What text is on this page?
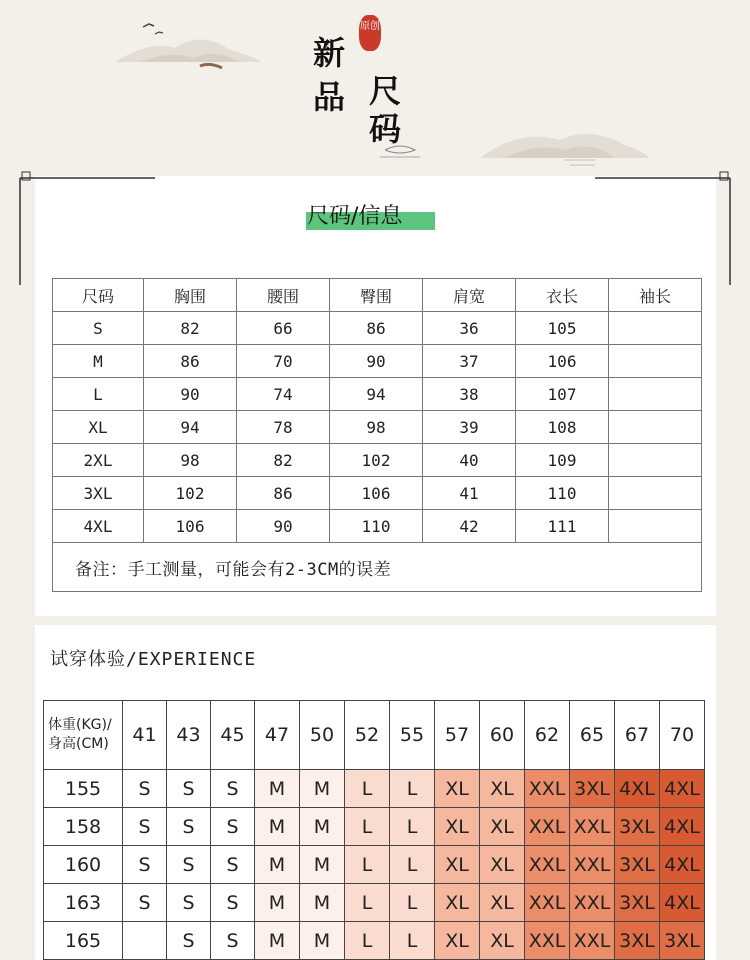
新
品 尺
码
原创
尺码/信息
尺码	胸围	腰围	臀围	肩宽	衣长	袖长
S	82	66	86	36	105	
M	86	70	90	37	106	
L	90	74	94	38	107	
XL	94	78	98	39	108	
2XL	98	82	102	40	109	
3XL	102	86	106	41	110	
4XL	106	90	110	42	111	
备注：手工测量，可能会有2-3CM的误差						
试穿体验/EXPERIENCE
体重(KG)/
身高(CM)	41	43	45	47	50	52	55	57	60	62	65	67	70
155	S	S	S	M	M	L	L	XL	XL	XXL	3XL	4XL	4XL
158	S	S	S	M	M	L	L	XL	XL	XXL	XXL	3XL	4XL
160	S	S	S	M	M	L	L	XL	XL	XXL	XXL	3XL	4XL
163	S	S	S	M	M	L	L	XL	XL	XXL	XXL	3XL	4XL
165		S	S	M	M	L	L	XL	XL	XXL	XXL	3XL	3XL
